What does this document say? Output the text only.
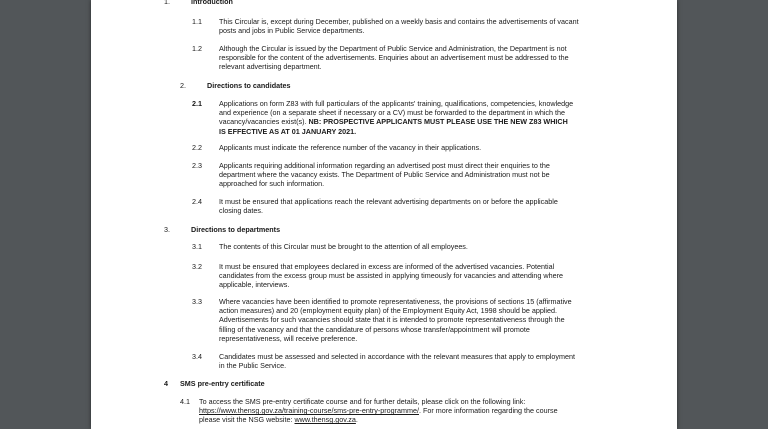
1.	Introduction
1.1 This Circular is, except during December, published on a weekly basis and contains the advertisements of vacant
posts and jobs in Public Service departments.
1.2 Although the Circular is issued by the Department of Public Service and Administration, the Department is not
responsible for the content of the advertisements. Enquiries about an advertisement must be addressed to the
relevant advertising department.
2.	Directions to candidates
2.1 Applications on form Z83 with full particulars of the applicants' training, qualifications, competencies, knowledge
and experience (on a separate sheet if necessary or a CV) must be forwarded to the department in which the
vacancy/vacancies exist(s). NB: PROSPECTIVE APPLICANTS MUST PLEASE USE THE NEW Z83 WHICH
IS EFFECTIVE AS AT 01 JANUARY 2021.
2.2 Applicants must indicate the reference number of the vacancy in their applications.
2.3 Applicants requiring additional information regarding an advertised post must direct their enquiries to the
department where the vacancy exists. The Department of Public Service and Administration must not be
approached for such information.
2.4 It must be ensured that applications reach the relevant advertising departments on or before the applicable
closing dates.
3.	Directions to departments
3.1 The contents of this Circular must be brought to the attention of all employees.
3.2 It must be ensured that employees declared in excess are informed of the advertised vacancies. Potential
candidates from the excess group must be assisted in applying timeously for vacancies and attending where
applicable, interviews.
3.3 Where vacancies have been identified to promote representativeness, the provisions of sections 15 (affirmative
action measures) and 20 (employment equity plan) of the Employment Equity Act, 1998 should be applied.
Advertisements for such vacancies should state that it is intended to promote representativeness through the
filling of the vacancy and that the candidature of persons whose transfer/appointment will promote
representativeness, will receive preference.
3.4 Candidates must be assessed and selected in accordance with the relevant measures that apply to employment
in the Public Service.
4 SMS pre-entry certificate
4.1 To access the SMS pre-entry certificate course and for further details, please click on the following link:
https://www.thensg.gov.za/training-course/sms-pre-entry-programme/. For more information regarding the course
please visit the NSG website: www.thensg.gov.za.
